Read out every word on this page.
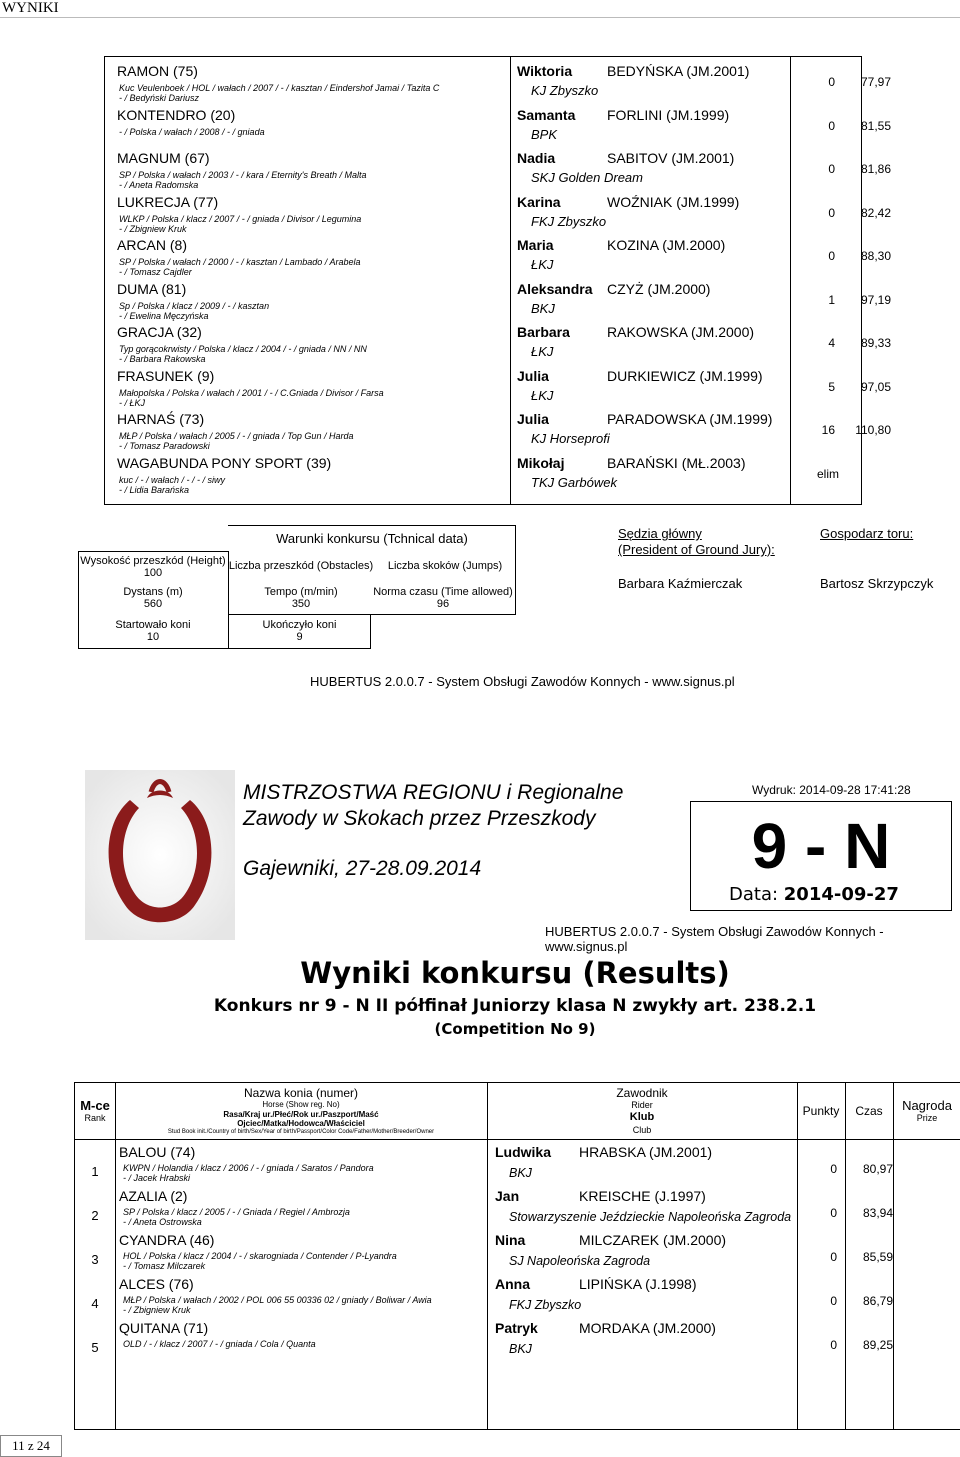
WYNIKI
RAMON (75)
Kuc Veulenboek / HOL / wałach / 2007 / - / kasztan / Eindershof Jamai / Tazita C
- / Bedyński Dariusz
Wiktoria BEDYŃSKA (JM.2001)
KJ Zbyszko
0	77,97
KONTENDRO (20)
- / Polska / wałach / 2008 / - / gniada
Samanta FORLINI (JM.1999)
BPK
0	81,55
MAGNUM (67)
SP / Polska / wałach / 2003 / - / kara / Eternity's Breath / Malta
- / Aneta Radomska
Nadia	SABITOV (JM.2001)
SKJ Golden Dream
0	81,86
LUKRECJA (77)
WLKP / Polska / klacz / 2007 / - / gniada / Divisor / Legumina
- / Zbigniew Kruk
Karina	WOŹNIAK (JM.1999)
FKJ Zbyszko
0	82,42
ARCAN (8)
SP / Polska / wałach / 2000 / - / kasztan / Lambado / Arabela
- / Tomasz Cajdler
Maria	KOZINA (JM.2000)
ŁKJ
0	88,30
DUMA (81)
Sp / Polska / klacz / 2009 / - / kasztan
- / Ewelina Męczyńska
Aleksandra CZYŻ (JM.2000)
BKJ
1	97,19
GRACJA (32)
Typ gorącokrwisty / Polska / klacz / 2004 / - / gniada / NN / NN
- / Barbara Rakowska
Barbara	RAKOWSKA (JM.2000)
ŁKJ
4	89,33
FRASUNEK (9)
Małopolska / Polska / wałach / 2001 / - / C.Gniada / Divisor / Farsa
- / ŁKJ
Julia	DURKIEWICZ (JM.1999)
ŁKJ
5	97,05
HARNAŚ (73)
MŁP / Polska / wałach / 2005 / - / gniada / Top Gun / Harda
- / Tomasz Paradowski
Julia	PARADOWSKA (JM.1999)
KJ Horseprofi
16	110,80
WAGABUNDA PONY SPORT (39)
kuc / - / wałach / - / - / siwy
- / Lidia Barańska
Mikołaj	BARAŃSKI (MŁ.2003)
TKJ Garbówek
elim
Warunki konkursu (Tchnical data)
Wysokość przeszkód (Height)
100
Liczba przeszkód (Obstacles)	Liczba skoków (Jumps)
Dystans (m)
560
Tempo (m/min)
350
Norma czasu (Time allowed)
96
Startowało koni
10
Ukończyło koni
9
Sędzia główny
(President of Ground Jury):
Barbara Kaźmierczak
Gospodarz toru:
Bartosz Skrzypczyk
HUBERTUS 2.0.0.7 - System Obsługi Zawodów Konnych - www.signus.pl
MISTRZOSTWA REGIONU i Regionalne
Zawody w Skokach przez Przeszkody
Gajewniki, 27-28.09.2014
Wydruk: 2014-09-28 17:41:28
9 - N
Data: 2014-09-27
HUBERTUS 2.0.0.7 - System Obsługi Zawodów Konnych - www.signus.pl
Wyniki konkursu (Results)
Konkurs nr 9 - N II półfinał Juniorzy klasa N zwykły art. 238.2.1
(Competition No 9)
M-ce
Rank
Nazwa konia (numer)
Horse (Show reg. No)
Rasa/Kraj ur./Płeć/Rok ur./Paszport/Maść
Ojciec/Matka/Hodowca/Właściciel
Stud Book init./Country of birth/Sex/Year of birth/Passport/Color Code/Father/Mother/Breeder/Owner
Zawodnik
Rider
Klub
Club
Punkty	Czas	Nagroda
Prize
1
BALOU (74)
KWPN / Holandia / klacz / 2006 / - / gniada / Saratos / Pandora
- / Jacek Hrabski
Ludwika HRABSKA (JM.2001)
BKJ	0	80,97
2
AZALIA (2)
SP / Polska / klacz / 2005 / - / Gniada / Regiel / Ambrozja
- / Aneta Ostrowska
Jan	KREISCHE (J.1997)
Stowarzyszenie Jeździeckie Napoleońska Zagroda	0	83,94
3
CYANDRA (46)
HOL / Polska / klacz / 2004 / - / skarogniada / Contender / P-Lyandra
- / Tomasz Milczarek
Nina	MILCZAREK (JM.2000)
SJ Napoleońska Zagroda	0	85,59
4
ALCES (76)
MŁP / Polska / wałach / 2002 / POL 006 55 00336 02 / gniady / Boliwar / Awia
- / Zbigniew Kruk
Anna	LIPIŃSKA (J.1998)
FKJ Zbyszko	0	86,79
5
QUITANA (71)
OLD / - / klacz / 2007 / - / gniada / Cola / Quanta
Patryk	MORDAKA (JM.2000)
BKJ	0	89,25
11 z 24
